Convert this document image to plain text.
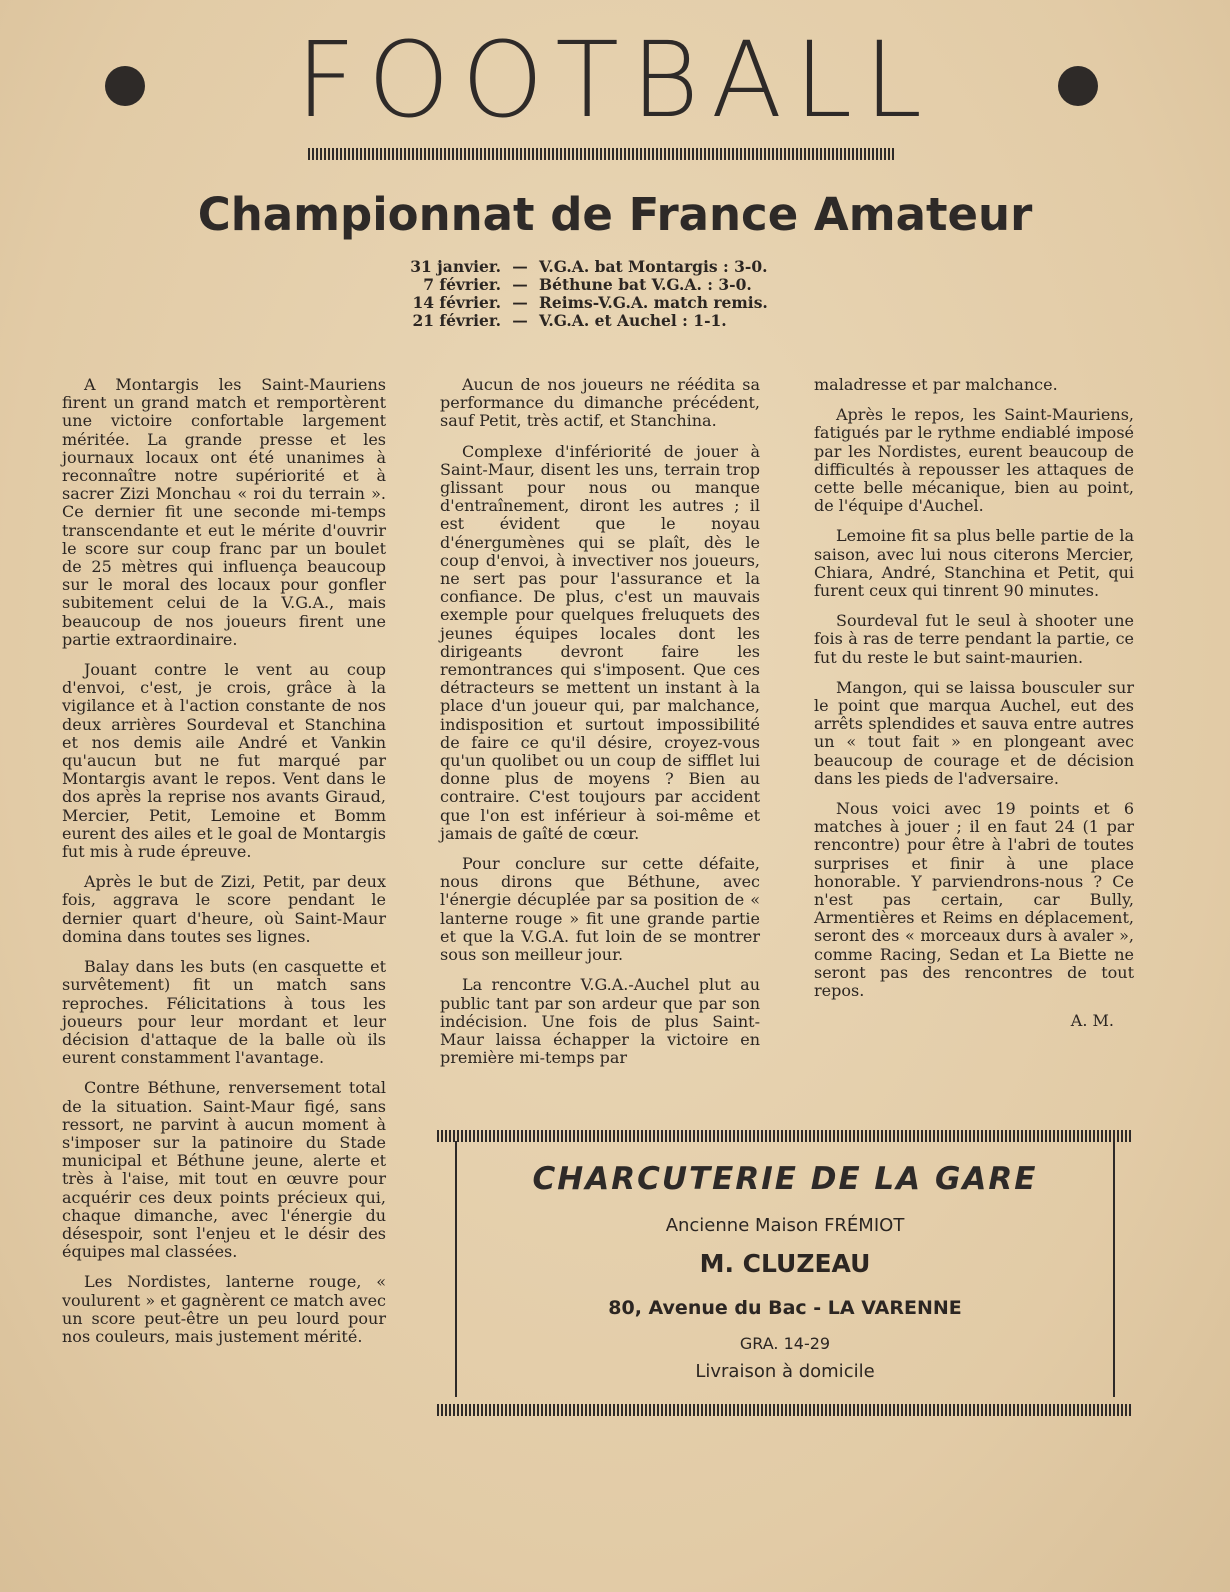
FOOTBALL
Championnat de France Amateur
31 janvier. — V.G.A. bat Montargis : 3-0.
7 février. — Béthune bat V.G.A. : 3-0.
14 février. — Reims-V.G.A. match remis.
21 février. — V.G.A. et Auchel : 1-1.

A Montargis les Saint-Mauriens firent un grand match et remportèrent une victoire confortable largement méritée. La grande presse et les journaux locaux ont été unanimes à reconnaître notre supériorité et à sacrer Zizi Monchau « roi du terrain ». Ce dernier fit une seconde mi-temps transcendante et eut le mérite d'ouvrir le score sur coup franc par un boulet de 25 mètres qui influença beaucoup sur le moral des locaux pour gonfler subitement celui de la V.G.A., mais beaucoup de nos joueurs firent une partie extraordinaire.

Jouant contre le vent au coup d'envoi, c'est, je crois, grâce à la vigilance et à l'action constante de nos deux arrières Sourdeval et Stanchina et nos demis aile André et Vankin qu'aucun but ne fut marqué par Montargis avant le repos. Vent dans le dos après la reprise nos avants Giraud, Mercier, Petit, Lemoine et Bomm eurent des ailes et le goal de Montargis fut mis à rude épreuve.

Après le but de Zizi, Petit, par deux fois, aggrava le score pendant le dernier quart d'heure, où Saint-Maur domina dans toutes ses lignes.

Balay dans les buts (en casquette et survêtement) fit un match sans reproches. Félicitations à tous les joueurs pour leur mordant et leur décision d'attaque de la balle où ils eurent constamment l'avantage.

Contre Béthune, renversement total de la situation. Saint-Maur figé, sans ressort, ne parvint à aucun moment à s'imposer sur la patinoire du Stade municipal et Béthune jeune, alerte et très à l'aise, mit tout en œuvre pour acquérir ces deux points précieux qui, chaque dimanche, avec l'énergie du désespoir, sont l'enjeu et le désir des équipes mal classées.

Les Nordistes, lanterne rouge, « voulurent » et gagnèrent ce match avec un score peut-être un peu lourd pour nos couleurs, mais justement mérité.

Aucun de nos joueurs ne réédita sa performance du dimanche précédent, sauf Petit, très actif, et Stanchina.

Complexe d'infériorité de jouer à Saint-Maur, disent les uns, terrain trop glissant pour nous ou manque d'entraînement, diront les autres ; il est évident que le noyau d'énergumènes qui se plaît, dès le coup d'envoi, à invectiver nos joueurs, ne sert pas pour l'assurance et la confiance. De plus, c'est un mauvais exemple pour quelques freluquets des jeunes équipes locales dont les dirigeants devront faire les remontrances qui s'imposent. Que ces détracteurs se mettent un instant à la place d'un joueur qui, par malchance, indisposition et surtout impossibilité de faire ce qu'il désire, croyez-vous qu'un quolibet ou un coup de sifflet lui donne plus de moyens ? Bien au contraire. C'est toujours par accident que l'on est inférieur à soi-même et jamais de gaîté de cœur.

Pour conclure sur cette défaite, nous dirons que Béthune, avec l'énergie décuplée par sa position de « lanterne rouge » fit une grande partie et que la V.G.A. fut loin de se montrer sous son meilleur jour.

La rencontre V.G.A.-Auchel plut au public tant par son ardeur que par son indécision. Une fois de plus Saint-Maur laissa échapper la victoire en première mi-temps par

maladresse et par malchance.

Après le repos, les Saint-Mauriens, fatigués par le rythme endiablé imposé par les Nordistes, eurent beaucoup de difficultés à repousser les attaques de cette belle mécanique, bien au point, de l'équipe d'Auchel.

Lemoine fit sa plus belle partie de la saison, avec lui nous citerons Mercier, Chiara, André, Stanchina et Petit, qui furent ceux qui tinrent 90 minutes.

Sourdeval fut le seul à shooter une fois à ras de terre pendant la partie, ce fut du reste le but saint-maurien.

Mangon, qui se laissa bousculer sur le point que marqua Auchel, eut des arrêts splendides et sauva entre autres un « tout fait » en plongeant avec beaucoup de courage et de décision dans les pieds de l'adversaire.

Nous voici avec 19 points et 6 matches à jouer ; il en faut 24 (1 par rencontre) pour être à l'abri de toutes surprises et finir à une place honorable. Y parviendrons-nous ? Ce n'est pas certain, car Bully, Armentières et Reims en déplacement, seront des « morceaux durs à avaler », comme Racing, Sedan et La Biette ne seront pas des rencontres de tout repos.

A. M.
CHARCUTERIE DE LA GARE
Ancienne Maison FRÉMIOT
M. CLUZEAU
80, Avenue du Bac - LA VARENNE
GRA. 14-29
Livraison à domicile
